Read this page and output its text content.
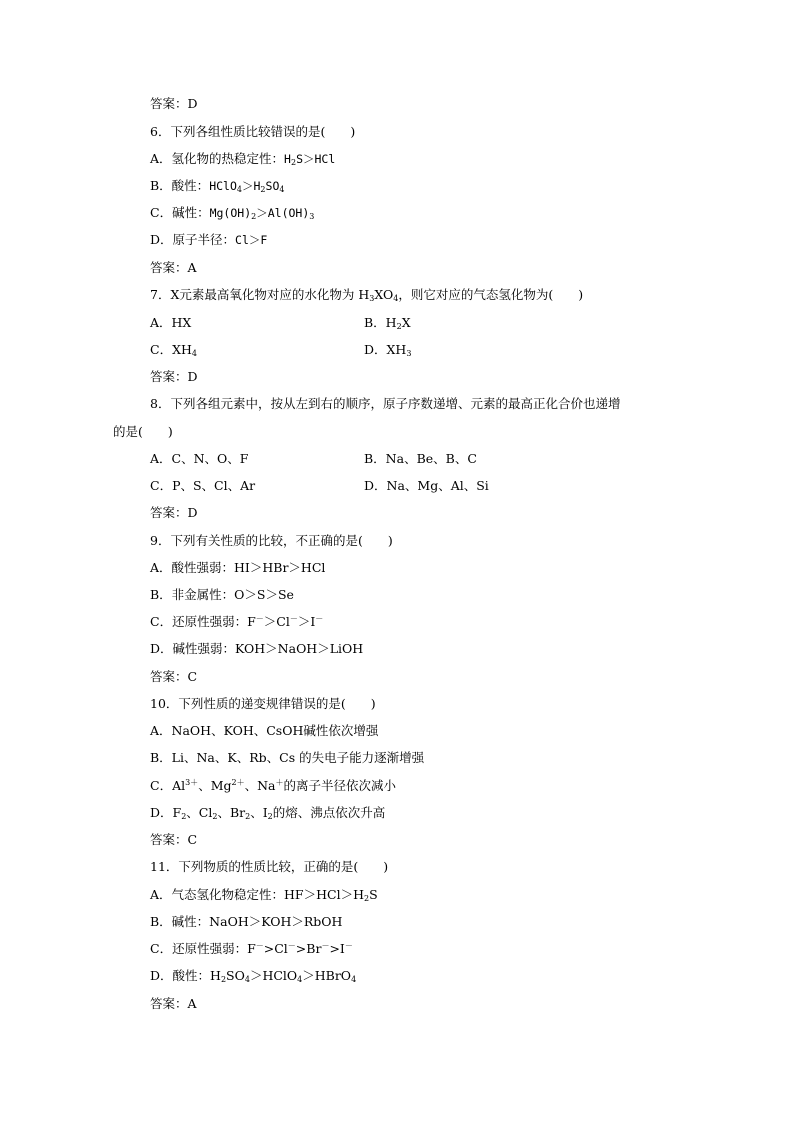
答案：D
6．下列各组性质比较错误的是(　　)
A．氢化物的热稳定性：$H_2S>HCl$
B．酸性：$HClO_4>H_2SO_4$
C．碱性：$Mg(OH)_2>Al(OH)_3$
D．原子半径：Cl＞F
答案：A
7．X元素最高氧化物对应的水化物为 $H_3XO_4$，则它对应的气态氢化物为(　　)
A．HX	B．$H_2X$
C．$XH_4$	D．$XH_3$
答案：D
8．下列各组元素中，按从左到右的顺序，原子序数递增、元素的最高正化合价也递增
的是(　　)
A．C、N、O、F	B．Na、Be、B、C
C．P、S、Cl、Ar	D．Na、Mg、Al、Si
答案：D
9．下列有关性质的比较，不正确的是(　　)
A．酸性强弱：HI＞HBr＞HCl
B．非金属性：O＞S＞Se
C．还原性强弱：F－＞Cl－＞I－
D．碱性强弱：KOH＞NaOH＞LiOH
答案：C
10．下列性质的递变规律错误的是(　　)
A．NaOH、KOH、CsOH碱性依次增强
B．Li、Na、K、Rb、Cs 的失电子能力逐渐增强
C．$Al^{3+}$、$Mg^{2+}$、Na＋的离子半径依次减小
D．$F_2$、$Cl_2$、$Br_2$、$I_2$的熔、沸点依次升高
答案：C
11．下列物质的性质比较，正确的是(　　)
A．气态氢化物稳定性：$HF>HCl>H_2S$
B．碱性：NaOH＞KOH＞RbOH
C．还原性强弱：F－>Cl－>Br－>I－
D．酸性：$H_2SO_4>HClO_4>HBrO_4$
答案：A
